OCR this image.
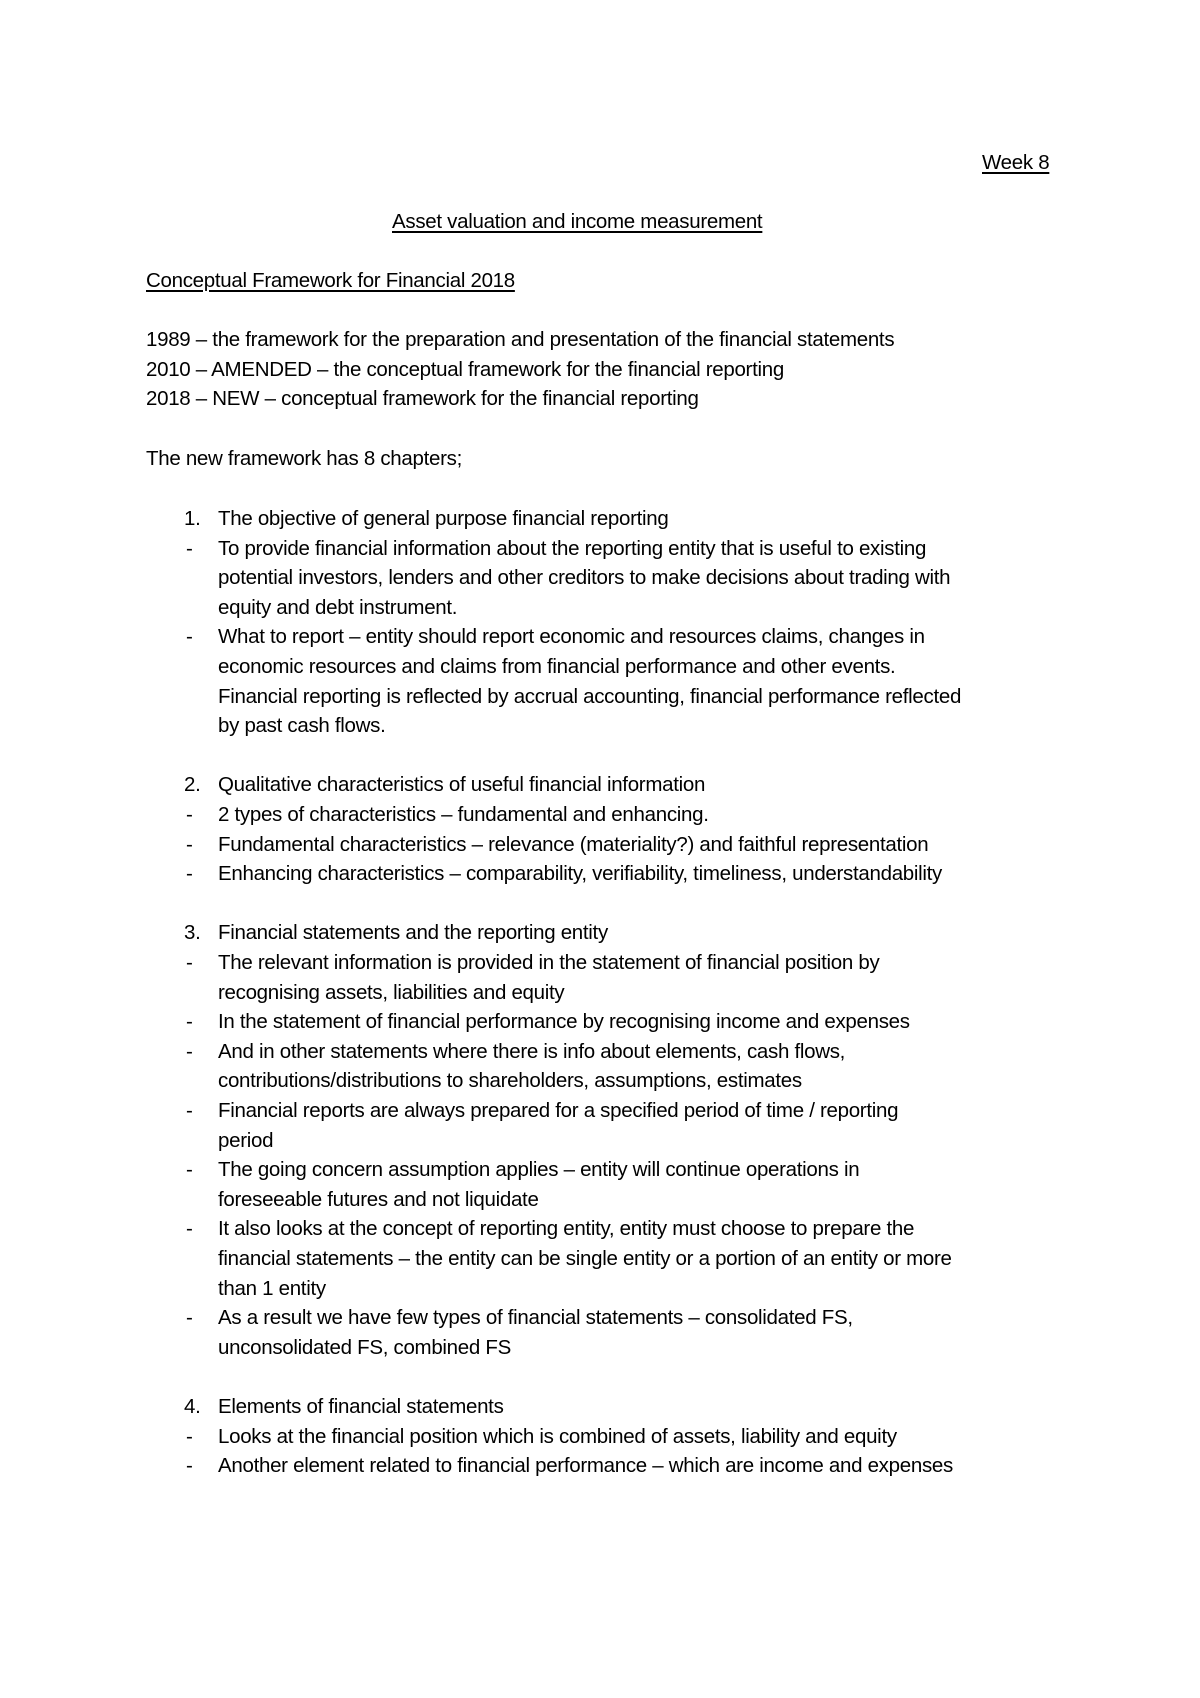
Week 8
Asset valuation and income measurement
Conceptual Framework for Financial 2018
1989 – the framework for the preparation and presentation of the financial statements
2010 – AMENDED – the conceptual framework for the financial reporting
2018 – NEW – conceptual framework for the financial reporting
The new framework has 8 chapters;
1. The objective of general purpose financial reporting
- To provide financial information about the reporting entity that is useful to existing
potential investors, lenders and other creditors to make decisions about trading with
equity and debt instrument.
- What to report – entity should report economic and resources claims, changes in
economic resources and claims from financial performance and other events.
Financial reporting is reflected by accrual accounting, financial performance reflected
by past cash flows.
2. Qualitative characteristics of useful financial information
- 2 types of characteristics – fundamental and enhancing.
- Fundamental characteristics – relevance (materiality?) and faithful representation
- Enhancing characteristics – comparability, verifiability, timeliness, understandability
3. Financial statements and the reporting entity
- The relevant information is provided in the statement of financial position by
recognising assets, liabilities and equity
- In the statement of financial performance by recognising income and expenses
- And in other statements where there is info about elements, cash flows,
contributions/distributions to shareholders, assumptions, estimates
- Financial reports are always prepared for a specified period of time / reporting
period
- The going concern assumption applies – entity will continue operations in
foreseeable futures and not liquidate
- It also looks at the concept of reporting entity, entity must choose to prepare the
financial statements – the entity can be single entity or a portion of an entity or more
than 1 entity
- As a result we have few types of financial statements – consolidated FS,
unconsolidated FS, combined FS
4. Elements of financial statements
- Looks at the financial position which is combined of assets, liability and equity
- Another element related to financial performance – which are income and expenses
